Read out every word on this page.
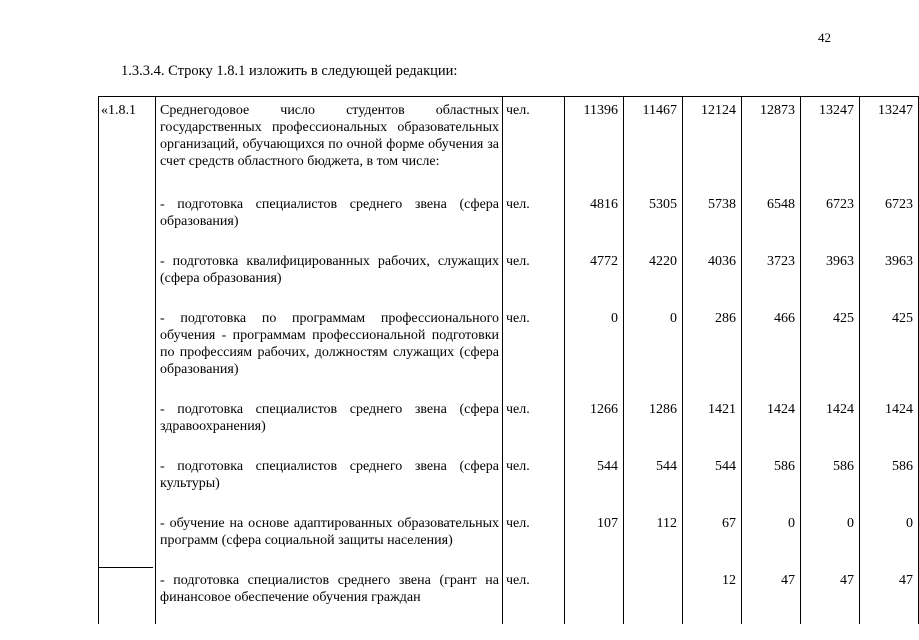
42
1.3.3.4. Строку 1.8.1 изложить в следующей редакции:
«1.8.1	Среднегодовое число студентов областных государственных профессиональных образовательных организаций, обучающихся по очной форме обучения за счет средств областного бюджета, в том числе:	чел.	11396	11467	12124	12873	13247	13247
	- подготовка специалистов среднего звена (сфера образования)	чел.	4816	5305	5738	6548	6723	6723
	- подготовка квалифицированных рабочих, служащих (сфера образования)	чел.	4772	4220	4036	3723	3963	3963
	- подготовка по программам профессионального обучения - программам профессиональной подготовки по профессиям рабочих, должностям служащих (сфера образования)	чел.	0	0	286	466	425	425
	- подготовка специалистов среднего звена (сфера здравоохранения)	чел.	1266	1286	1421	1424	1424	1424
	- подготовка специалистов среднего звена (сфера культуры)	чел.	544	544	544	586	586	586
	- обучение на основе адаптированных образовательных программ (сфера социальной защиты населения)	чел.	107	112	67	0	0	0
	- подготовка специалистов среднего звена (грант на финансовое обеспечение обучения граждан	чел.			12	47	47	47
